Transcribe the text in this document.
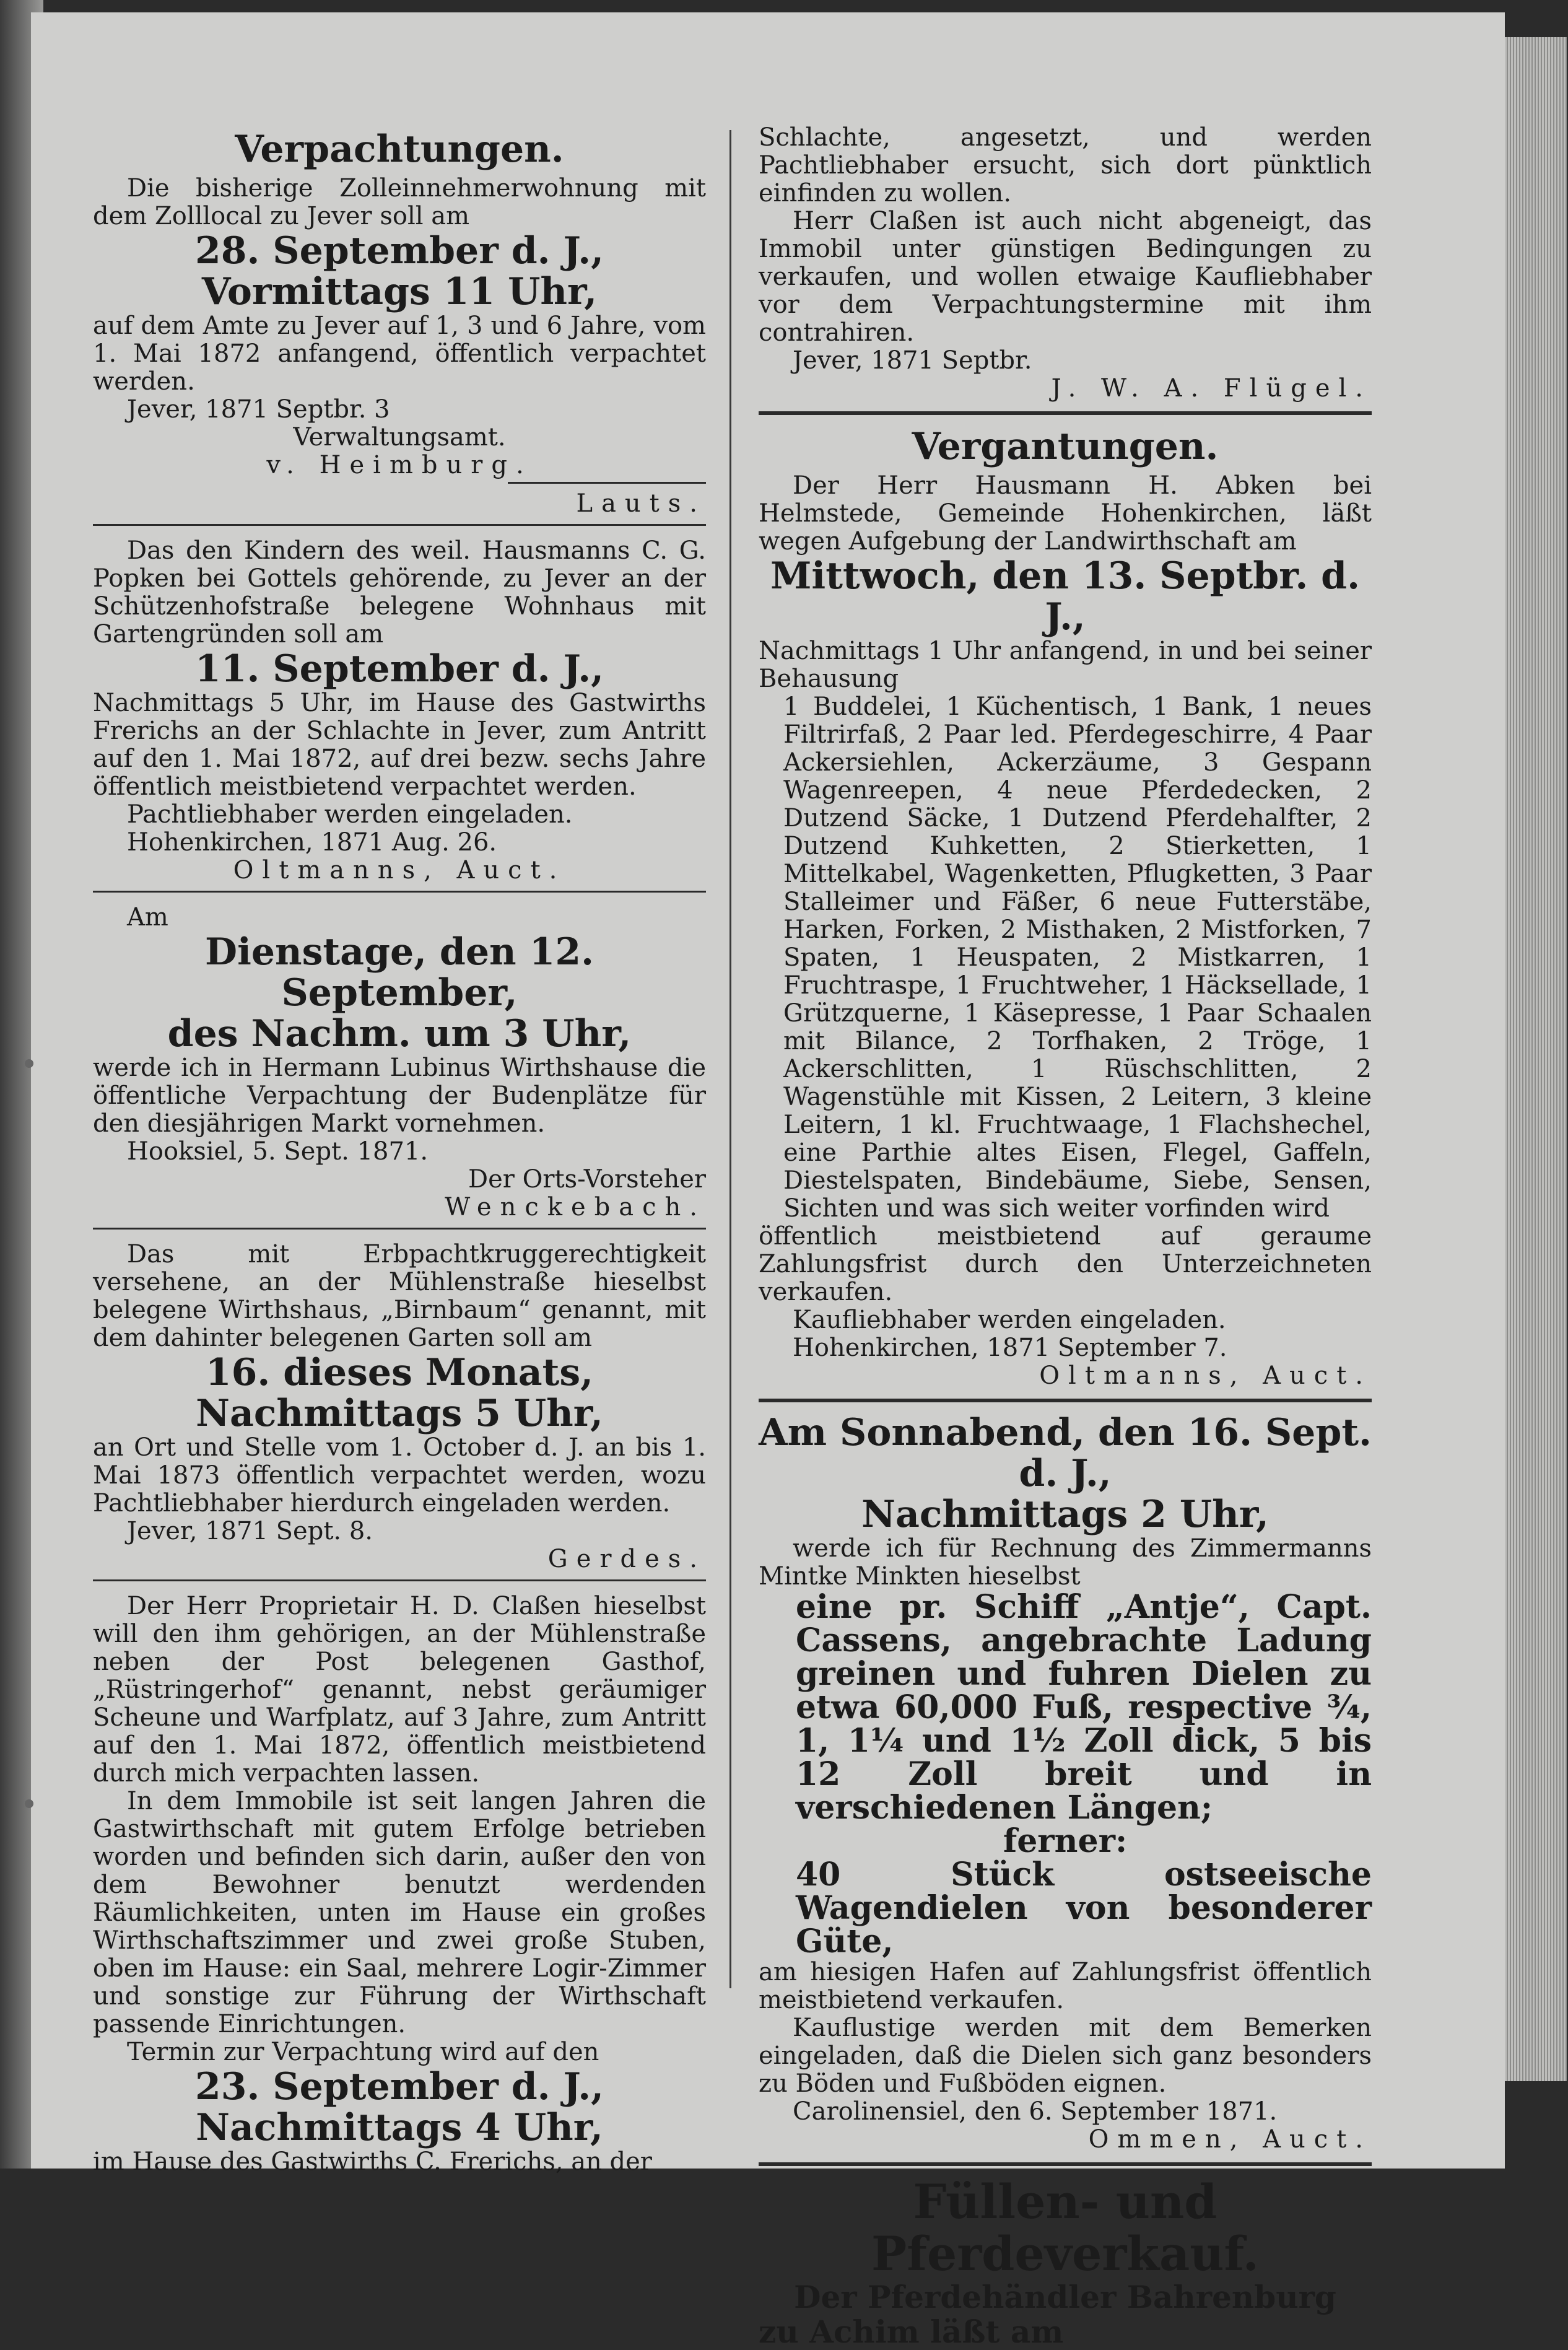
Verpachtungen.

Die bisherige Zolleinnehmerwohnung mit dem Zolllocal zu Jever soll am

28. September d. J.,

Vormittags 11 Uhr,

auf dem Amte zu Jever auf 1, 3 und 6 Jahre, vom 1. Mai 1872 anfangend, öffentlich verpachtet werden.

Jever, 1871 Septbr. 3

Verwaltungsamt.

v. Heimburg.

Lauts.

Das den Kindern des weil. Hausmanns C. G. Popken bei Gottels gehörende, zu Jever an der Schützenhofstraße belegene Wohnhaus mit Gartengründen soll am

11. September d. J.,

Nachmittags 5 Uhr, im Hause des Gastwirths Frerichs an der Schlachte in Jever, zum Antritt auf den 1. Mai 1872, auf drei bezw. sechs Jahre öffentlich meistbietend verpachtet werden.

Pachtliebhaber werden eingeladen.

Hohenkirchen, 1871 Aug. 26.

Oltmanns, Auct.

Am

Dienstage, den 12. September,

des Nachm. um 3 Uhr,

werde ich in Hermann Lubinus Wirthshause die öffentliche Verpachtung der Budenplätze für den diesjährigen Markt vornehmen.

Hooksiel, 5. Sept. 1871.

Der Orts-Vorsteher

Wenckebach.

Das mit Erbpachtkruggerechtigkeit versehene, an der Mühlenstraße hieselbst belegene Wirthshaus, „Birnbaum“ genannt, mit dem dahinter belegenen Garten soll am

16. dieses Monats,

Nachmittags 5 Uhr,

an Ort und Stelle vom 1. October d. J. an bis 1. Mai 1873 öffentlich verpachtet werden, wozu Pachtliebhaber hierdurch eingeladen werden.

Jever, 1871 Sept. 8.

Gerdes.

Der Herr Proprietair H. D. Claßen hieselbst will den ihm gehörigen, an der Mühlenstraße neben der Post belegenen Gasthof, „Rüstringerhof“ genannt, nebst geräumiger Scheune und Warfplatz, auf 3 Jahre, zum Antritt auf den 1. Mai 1872, öffentlich meistbietend durch mich verpachten lassen.

In dem Immobile ist seit langen Jahren die Gastwirthschaft mit gutem Erfolge betrieben worden und befinden sich darin, außer den von dem Bewohner benutzt werdenden Räumlichkeiten, unten im Hause ein großes Wirthschaftszimmer und zwei große Stuben, oben im Hause: ein Saal, mehrere Logir-Zimmer und sonstige zur Führung der Wirthschaft passende Einrichtungen.

Termin zur Verpachtung wird auf den

23. September d. J.,

Nachmittags 4 Uhr,

im Hause des Gastwirths C. Frerichs, an der

Schlachte, angesetzt, und werden Pachtliebhaber ersucht, sich dort pünktlich einfinden zu wollen.

Herr Claßen ist auch nicht abgeneigt, das Immobil unter günstigen Bedingungen zu verkaufen, und wollen etwaige Kaufliebhaber vor dem Verpachtungstermine mit ihm contrahiren.

Jever, 1871 Septbr.

J. W. A. Flügel.

Vergantungen.

Der Herr Hausmann H. Abken bei Helmstede, Gemeinde Hohenkirchen, läßt wegen Aufgebung der Landwirthschaft am

Mittwoch, den 13. Septbr. d. J.,

Nachmittags 1 Uhr anfangend, in und bei seiner Behausung

1 Buddelei, 1 Küchentisch, 1 Bank, 1 neues Filtrirfaß, 2 Paar led. Pferdegeschirre, 4 Paar Ackersiehlen, Ackerzäume, 3 Gespann Wagenreepen, 4 neue Pferdedecken, 2 Dutzend Säcke, 1 Dutzend Pferdehalfter, 2 Dutzend Kuhketten, 2 Stierketten, 1 Mittelkabel, Wagenketten, Pflugketten, 3 Paar Stalleimer und Fäßer, 6 neue Futterstäbe, Harken, Forken, 2 Misthaken, 2 Mistforken, 7 Spaten, 1 Heuspaten, 2 Mistkarren, 1 Fruchtraspe, 1 Fruchtweher, 1 Häcksellade, 1 Grützquerne, 1 Käsepresse, 1 Paar Schaalen mit Bilance, 2 Torfhaken, 2 Tröge, 1 Ackerschlitten, 1 Rüschschlitten, 2 Wagenstühle mit Kissen, 2 Leitern, 3 kleine Leitern, 1 kl. Fruchtwaage, 1 Flachshechel, eine Parthie altes Eisen, Flegel, Gaffeln, Diestelspaten, Bindebäume, Siebe, Sensen, Sichten und was sich weiter vorfinden wird

öffentlich meistbietend auf geraume Zahlungsfrist durch den Unterzeichneten verkaufen.

Kaufliebhaber werden eingeladen.

Hohenkirchen, 1871 September 7.

Oltmanns, Auct.

Am Sonnabend, den 16. Sept. d. J.,

Nachmittags 2 Uhr,

werde ich für Rechnung des Zimmermanns Mintke Minkten hieselbst

eine pr. Schiff „Antje“, Capt. Cassens, angebrachte Ladung greinen und fuhren Dielen zu etwa 60,000 Fuß, respective ¾, 1, 1¼ und 1½ Zoll dick, 5 bis 12 Zoll breit und in verschiedenen Längen;

ferner:

40 Stück ostseeische Wagendielen von besonderer Güte,

am hiesigen Hafen auf Zahlungsfrist öffentlich meistbietend verkaufen.

Kauflustige werden mit dem Bemerken eingeladen, daß die Dielen sich ganz besonders zu Böden und Fußböden eignen.

Carolinensiel, den 6. September 1871.

Ommen, Auct.

Füllen- und Pferdeverkauf.

Der Pferdehändler Bahrenburg

zu Achim läßt am
